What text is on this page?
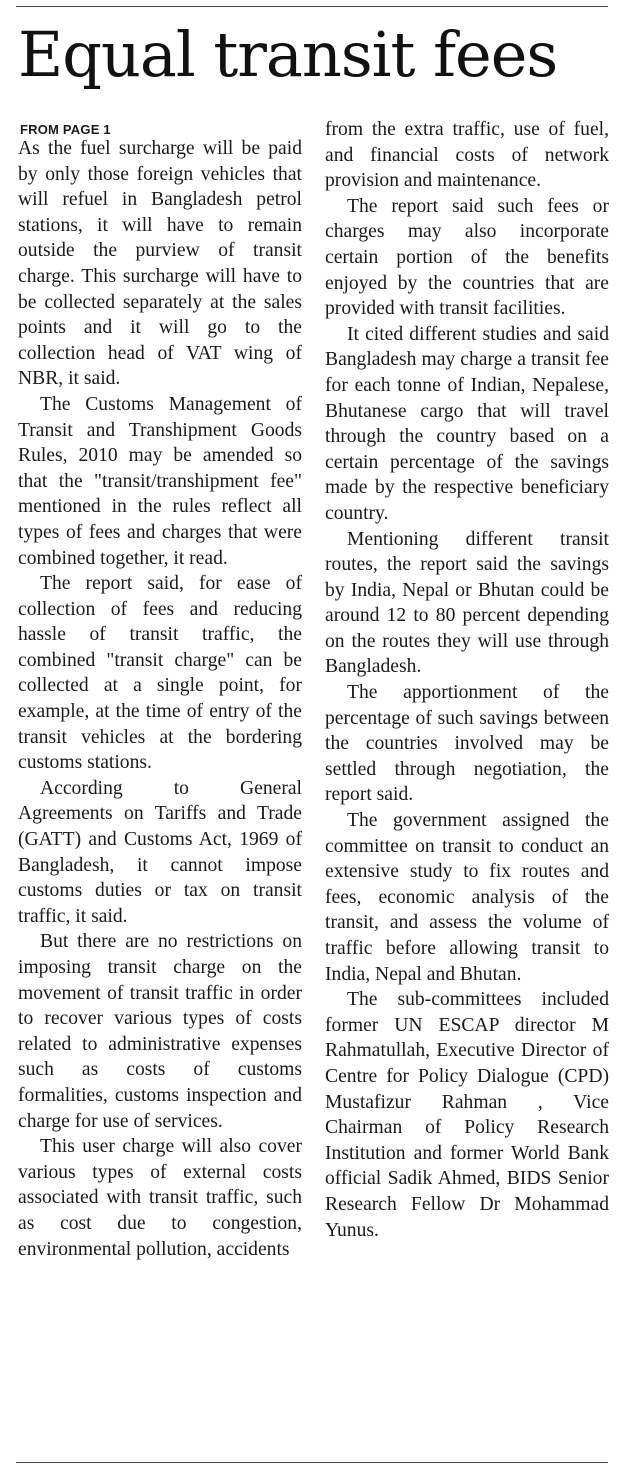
Equal transit fees
FROM PAGE 1

As the fuel surcharge will be paid by only those foreign vehicles that will refuel in Bangladesh petrol stations, it will have to remain outside the purview of transit charge. This surcharge will have to be collected separately at the sales points and it will go to the collection head of VAT wing of NBR, it said.

The Customs Management of Transit and Transhipment Goods Rules, 2010 may be amended so that the "transit/transhipment fee" mentioned in the rules reflect all types of fees and charges that were combined together, it read.

The report said, for ease of collection of fees and reducing hassle of transit traffic, the combined "transit charge" can be collected at a single point, for example, at the time of entry of the transit vehicles at the bordering customs stations.

According to General Agreements on Tariffs and Trade (GATT) and Customs Act, 1969 of Bangladesh, it cannot impose customs duties or tax on transit traffic, it said.

But there are no restrictions on imposing transit charge on the movement of transit traffic in order to recover various types of costs related to administrative expenses such as costs of customs formalities, customs inspection and charge for use of services.

This user charge will also cover various types of external costs associated with transit traffic, such as cost due to congestion, environmental pollution, accidents

from the extra traffic, use of fuel, and financial costs of network provision and maintenance.

The report said such fees or charges may also incorporate certain portion of the benefits enjoyed by the countries that are provided with transit facilities.

It cited different studies and said Bangladesh may charge a transit fee for each tonne of Indian, Nepalese, Bhutanese cargo that will travel through the country based on a certain percentage of the savings made by the respective beneficiary country.

Mentioning different transit routes, the report said the savings by India, Nepal or Bhutan could be around 12 to 80 percent depending on the routes they will use through Bangladesh.

The apportionment of the percentage of such savings between the countries involved may be settled through negotiation, the report said.

The government assigned the committee on transit to conduct an extensive study to fix routes and fees, economic analysis of the transit, and assess the volume of traffic before allowing transit to India, Nepal and Bhutan.

The sub-committees included former UN ESCAP director M Rahmatullah, Executive Director of Centre for Policy Dialogue (CPD) Mustafizur Rahman , Vice Chairman of Policy Research Institution and former World Bank official Sadik Ahmed, BIDS Senior Research Fellow Dr Mohammad Yunus.
